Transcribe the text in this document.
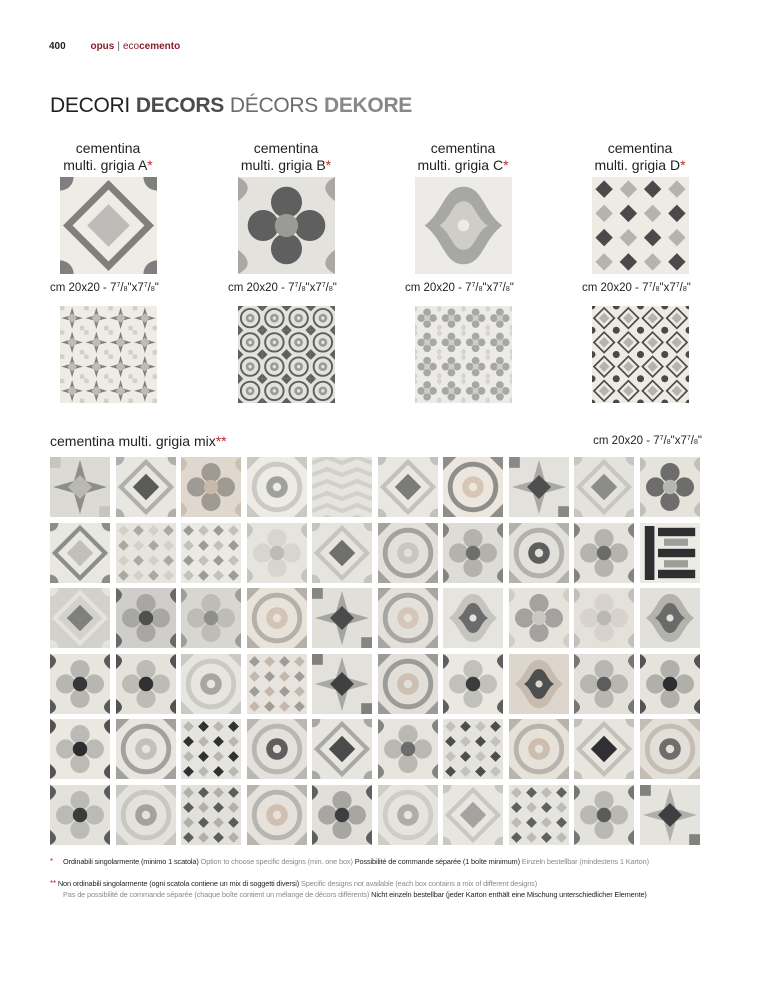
400 opus | ecocemento
DECORI DECORS DÉCORS DEKORE
cementina
multi. grigia A*
cm $20x20 - 7^7/8"x7^7/8$"
cementina
multi. grigia B*
cm $20x20 - 7^7/8"x7^7/8$"
cementina
multi. grigia C*
cm $20x20 - 7^7/8"x7^7/8$"
cementina
multi. grigia D*
cm $20x20 - 7^7/8"x7^7/8$"
cementina multi. grigia mix**	cm $20x20 - 7^7/8"x7^7/8$"
* Ordinabili singolarmente (minimo 1 scatola) Option to choose specific designs (min. one box) Possibilité de commande séparée (1 boîte minimum) Einzeln bestellbar (mindestens 1 Karton)
** Non ordinabili singolarmente (ogni scatola contiene un mix di soggetti diversi) Specific designs not available (each box contains a mix of different designs)
Pas de possibilité de commande séparée (chaque boîte contient un mélange de décors différents) Nicht einzeln bestellbar (jeder Karton enthält eine Mischung unterschiedlicher Elemente)
